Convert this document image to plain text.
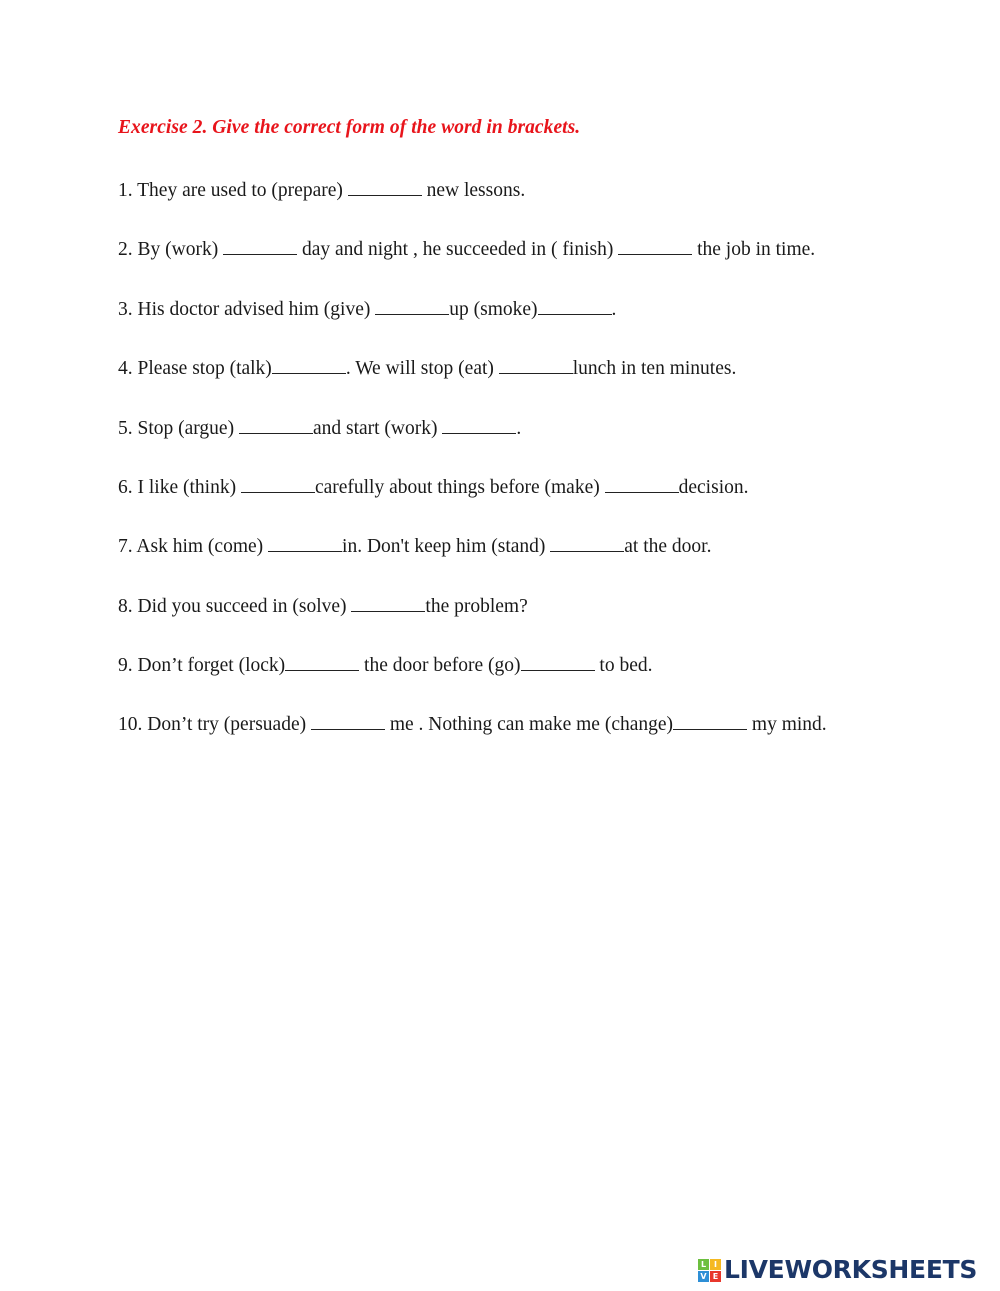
Exercise 2. Give the correct form of the word in brackets.
1. They are used to (prepare)	new lessons.
2. By (work)	day and night , he succeeded in ( finish)	the job in time.
3. His doctor advised him (give)	up (smoke)	.
4. Please stop (talk)	. We will stop (eat)	lunch in ten minutes.
5. Stop (argue)	and start (work)	.
6. I like (think)	carefully about things before (make)	decision.
7. Ask him (come)	in. Don't keep him (stand)	at the door.
8. Did you succeed in (solve)	the problem?
9. Don’t forget (lock)	the door before (go)	to bed.
10. Don’t try (persuade)	me . Nothing can make me (change)	my mind.
L I
V E LIVEWORKSHEETS
